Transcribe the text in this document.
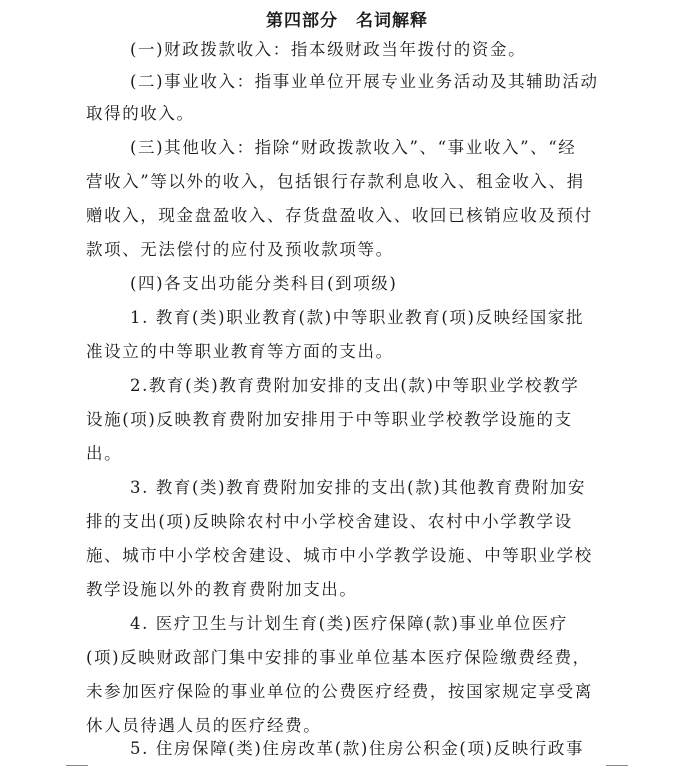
第四部分　名词解释
(一)财政拨款收入：指本级财政当年拨付的资金。
(二)事业收入：指事业单位开展专业业务活动及其辅助活动
取得的收入。
(三)其他收入：指除“财政拨款收入”、“事业收入”、“经
营收入”等以外的收入，包括银行存款利息收入、租金收入、捐
赠收入，现金盘盈收入、存货盘盈收入、收回已核销应收及预付
款项、无法偿付的应付及预收款项等。
(四)各支出功能分类科目(到项级)
1. 教育(类)职业教育(款)中等职业教育(项)反映经国家批
准设立的中等职业教育等方面的支出。
2.教育(类)教育费附加安排的支出(款)中等职业学校教学
设施(项)反映教育费附加安排用于中等职业学校教学设施的支
出。
3. 教育(类)教育费附加安排的支出(款)其他教育费附加安
排的支出(项)反映除农村中小学校舍建设、农村中小学教学设
施、城市中小学校舍建设、城市中小学教学设施、中等职业学校
教学设施以外的教育费附加支出。
4. 医疗卫生与计划生育(类)医疗保障(款)事业单位医疗
(项)反映财政部门集中安排的事业单位基本医疗保险缴费经费，
未参加医疗保险的事业单位的公费医疗经费，按国家规定享受离
休人员待遇人员的医疗经费。
5. 住房保障(类)住房改革(款)住房公积金(项)反映行政事
